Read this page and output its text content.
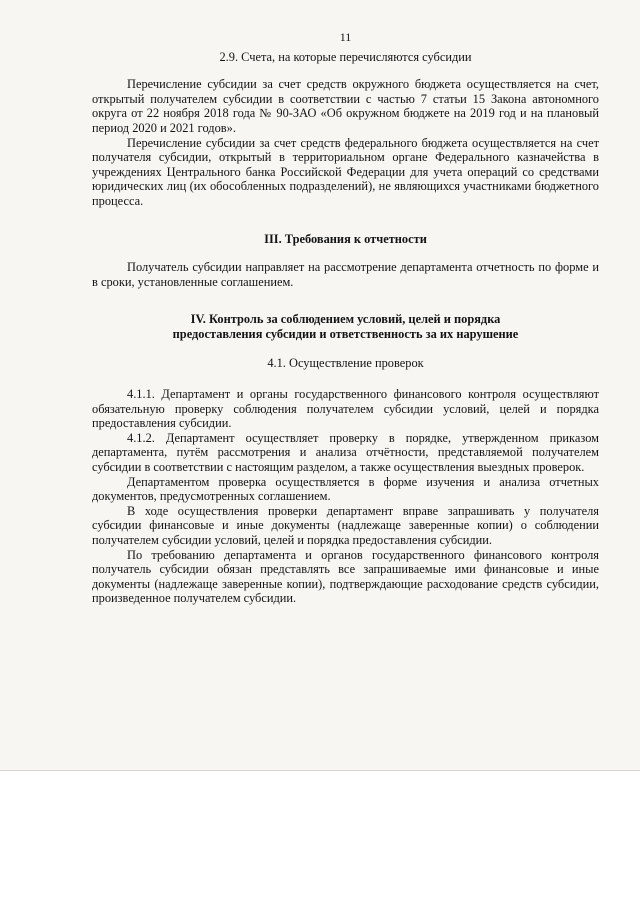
11

2.9. Счета, на которые перечисляются субсидии

Перечисление субсидии за счет средств окружного бюджета осуществляется на счет, открытый получателем субсидии в соответствии с частью 7 статьи 15 Закона автономного округа от 22 ноября 2018 года № 90-ЗАО «Об окружном бюджете на 2019 год и на плановый период 2020 и 2021 годов».

Перечисление субсидии за счет средств федерального бюджета осуществляется на счет получателя субсидии, открытый в территориальном органе Федерального казначейства в учреждениях Центрального банка Российской Федерации для учета операций со средствами юридических лиц (их обособленных подразделений), не являющихся участниками бюджетного процесса.

III. Требования к отчетности

Получатель субсидии направляет на рассмотрение департамента отчетность по форме и в сроки, установленные соглашением.

IV. Контроль за соблюдением условий, целей и порядка

предоставления субсидии и ответственность за их нарушение

4.1. Осуществление проверок

4.1.1. Департамент и органы государственного финансового контроля осуществляют обязательную проверку соблюдения получателем субсидии условий, целей и порядка предоставления субсидии.

4.1.2. Департамент осуществляет проверку в порядке, утвержденном приказом департамента, путём рассмотрения и анализа отчётности, представляемой получателем субсидии в соответствии с настоящим разделом, а также осуществления выездных проверок.

Департаментом проверка осуществляется в форме изучения и анализа отчетных документов, предусмотренных соглашением.

В ходе осуществления проверки департамент вправе запрашивать у получателя субсидии финансовые и иные документы (надлежаще заверенные копии) о соблюдении получателем субсидии условий, целей и порядка предоставления субсидии.

По требованию департамента и органов государственного финансового контроля получатель субсидии обязан представлять все запрашиваемые ими финансовые и иные документы (надлежаще заверенные копии), подтверждающие расходование средств субсидии, произведенное получателем субсидии.
